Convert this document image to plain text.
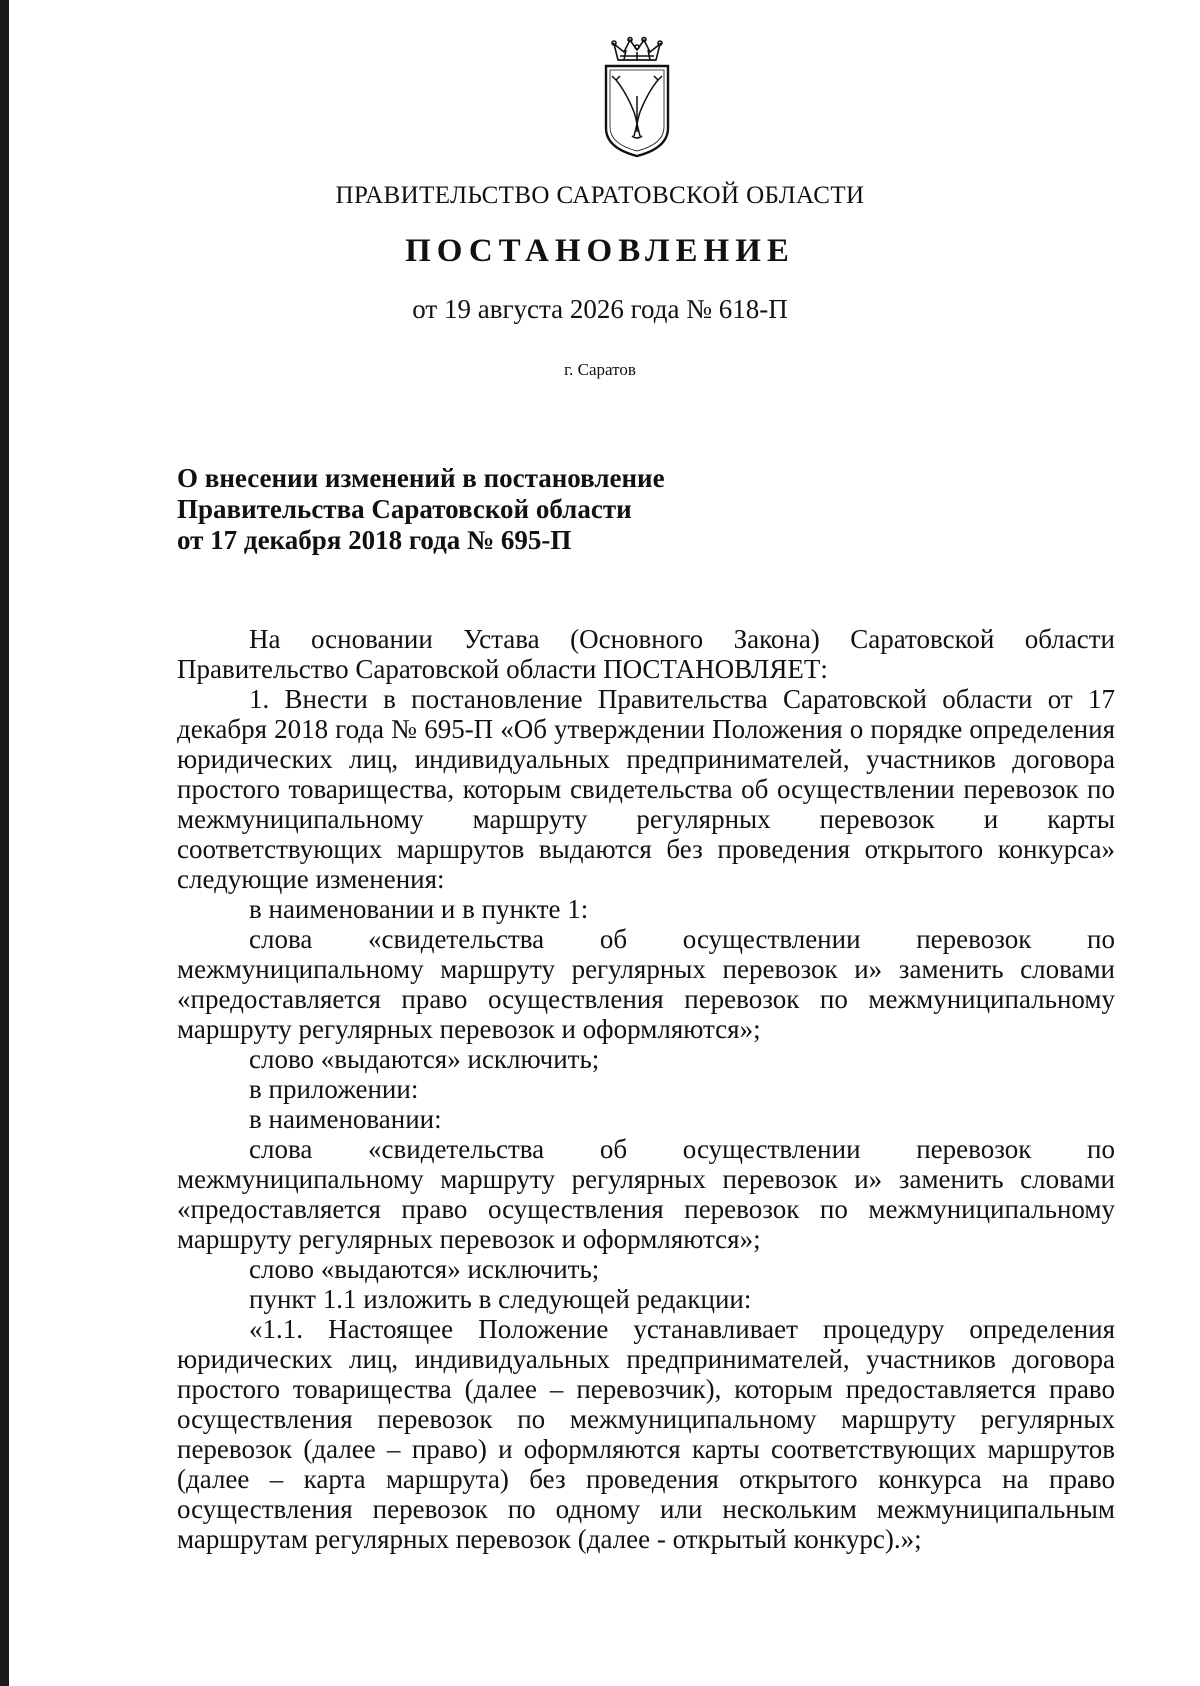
ПРАВИТЕЛЬСТВО САРАТОВСКОЙ ОБЛАСТИ
ПОСТАНОВЛЕНИЕ
от 19 августа 2026 года № 618-П
г. Саратов
О внесении изменений в постановление
Правительства Саратовской области
от 17 декабря 2018 года № 695-П

На основании Устава (Основного Закона) Саратовской области Правительство Саратовской области ПОСТАНОВЛЯЕТ:

1. Внести в постановление Правительства Саратовской области от 17 декабря 2018 года № 695-П «Об утверждении Положения о порядке определения юридических лиц, индивидуальных предпринимателей, участников договора простого товарищества, которым свидетельства об осуществлении перевозок по межмуниципальному маршруту регулярных перевозок и карты соответствующих маршрутов выдаются без проведения открытого конкурса» следующие изменения:

в наименовании и в пункте 1:

слова «свидетельства об осуществлении перевозок по межмуниципальному маршруту регулярных перевозок и» заменить словами «предоставляется право осуществления перевозок по межмуниципальному маршруту регулярных перевозок и оформляются»;

слово «выдаются» исключить;

в приложении:

в наименовании:

слова «свидетельства об осуществлении перевозок по межмуниципальному маршруту регулярных перевозок и» заменить словами «предоставляется право осуществления перевозок по межмуниципальному маршруту регулярных перевозок и оформляются»;

слово «выдаются» исключить;

пункт 1.1 изложить в следующей редакции:

«1.1. Настоящее Положение устанавливает процедуру определения юридических лиц, индивидуальных предпринимателей, участников договора простого товарищества (далее – перевозчик), которым предоставляется право осуществления перевозок по межмуниципальному маршруту регулярных перевозок (далее – право) и оформляются карты соответствующих маршрутов (далее – карта маршрута) без проведения открытого конкурса на право осуществления перевозок по одному или нескольким межмуниципальным маршрутам регулярных перевозок (далее - открытый конкурс).»;
